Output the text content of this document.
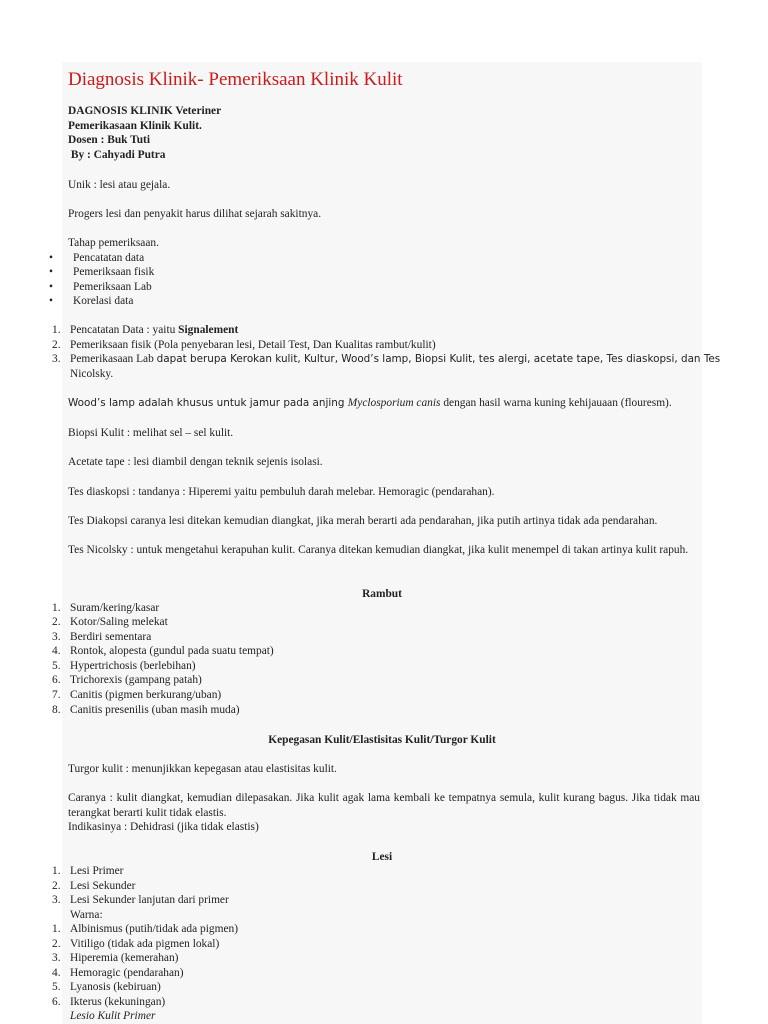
Diagnosis Klinik- Pemeriksaan Klinik Kulit
DAGNOSIS KLINIK Veteriner
Pemerikasaan Klinik Kulit.
Dosen : Buk Tuti
By : Cahyadi Putra
Unik : lesi atau gejala.
Progers lesi dan penyakit harus dilihat sejarah sakitnya.
Tahap pemeriksaan.
• Pencatatan data
• Pemeriksaan fisik
• Pemeriksaan Lab
• Korelasi data
1. Pencatatan Data : yaitu Signalement
2. Pemeriksaan fisik (Pola penyebaran lesi, Detail Test, Dan Kualitas rambut/kulit)
3. Pemerikasaan Lab dapat berupa Kerokan kulit, Kultur, Wood’s lamp, Biopsi Kulit, tes alergi, acetate tape, Tes diaskopsi, dan Tes
Nicolsky.
Wood’s lamp adalah khusus untuk jamur pada anjing Myclosporium canis dengan hasil warna kuning kehijauaan (flouresm).
Biopsi Kulit : melihat sel – sel kulit.
Acetate tape : lesi diambil dengan teknik sejenis isolasi.
Tes diaskopsi : tandanya : Hiperemi yaitu pembuluh darah melebar. Hemoragic (pendarahan).
Tes Diakopsi caranya lesi ditekan kemudian diangkat, jika merah berarti ada pendarahan, jika putih artinya tidak ada pendarahan.
Tes Nicolsky : untuk mengetahui kerapuhan kulit. Caranya ditekan kemudian diangkat, jika kulit menempel di takan artinya kulit rapuh.
Rambut
1. Suram/kering/kasar
2. Kotor/Saling melekat
3. Berdiri sementara
4. Rontok, alopesta (gundul pada suatu tempat)
5. Hypertrichosis (berlebihan)
6. Trichorexis (gampang patah)
7. Canitis (pigmen berkurang/uban)
8. Canitis presenilis (uban masih muda)
Kepegasan Kulit/Elastisitas Kulit/Turgor Kulit
Turgor kulit : menunjikkan kepegasan atau elastisitas kulit.
Caranya : kulit diangkat, kemudian dilepasakan. Jika kulit agak lama kembali ke tempatnya semula, kulit kurang bagus. Jika tidak mau terangkat berarti kulit tidak elastis.
Indikasinya : Dehidrasi (jika tidak elastis)
Lesi
1. Lesi Primer
2. Lesi Sekunder
3. Lesi Sekunder lanjutan dari primer
Warna:
1. Albinismus (putih/tidak ada pigmen)
2. Vitiligo (tidak ada pigmen lokal)
3. Hiperemia (kemerahan)
4. Hemoragic (pendarahan)
5. Lyanosis (kebiruan)
6. Ikterus (kekuningan)
Lesio Kulit Primer
